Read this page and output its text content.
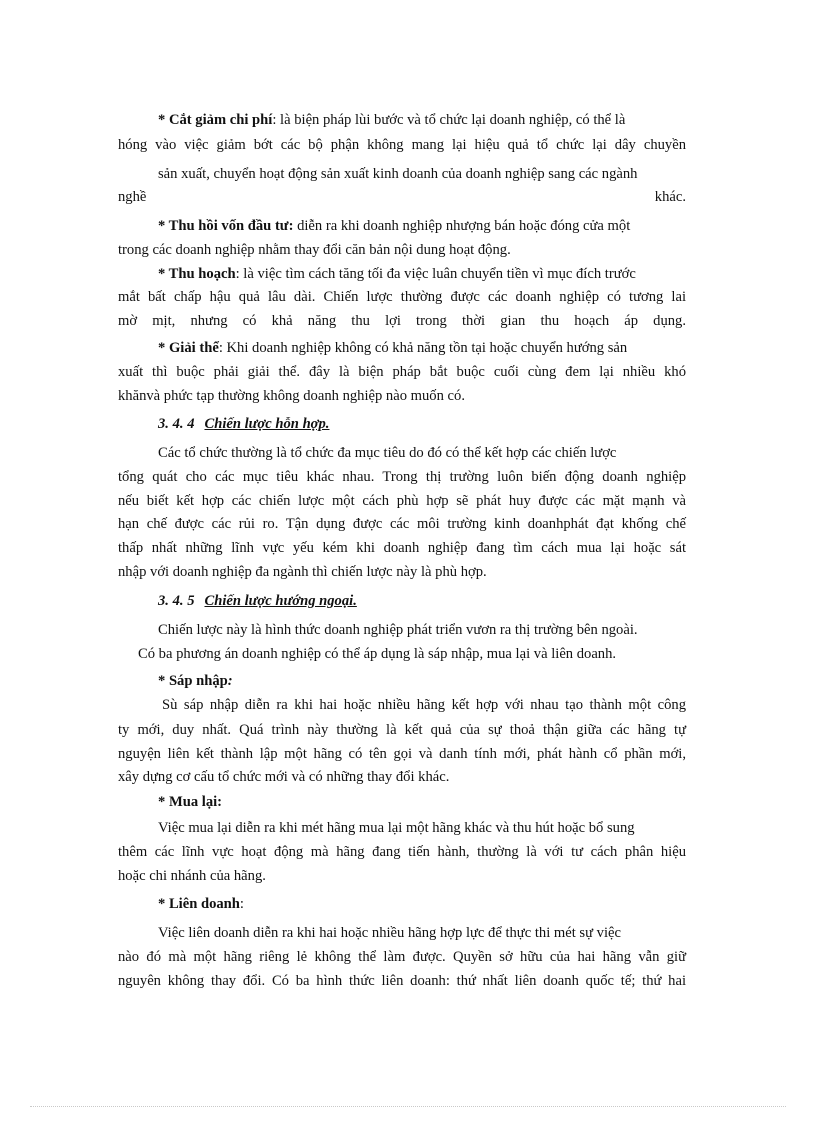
* Cắt giảm chi phí: là biện pháp lùi bước và tổ chức lại doanh nghiệp, có thể là
hóng vào việc giảm bớt các bộ phận không mang lại hiệu quả tổ chức lại dây chuyền
sản xuất, chuyển hoạt động sản xuất kinh doanh của doanh nghiệp sang các ngành
nghề	khác.
* Thu hồi vốn đầu tư: diễn ra khi doanh nghiệp nhượng bán hoặc đóng cửa một
trong các doanh nghiệp nhằm thay đổi căn bản nội dung hoạt động.
* Thu hoạch: là việc tìm cách tăng tối đa việc luân chuyển tiền vì mục đích trước
mắt bất chấp hậu quả lâu dài. Chiến lược thường được các doanh nghiệp có tương lai
mờ mịt, nhưng có khả năng thu lợi trong thời gian thu hoạch áp dụng.
* Giải thể: Khi doanh nghiệp không có khả năng tồn tại hoặc chuyển hướng sản
xuất thì buộc phải giải thể. đây là biện pháp bắt buộc cuối cùng đem lại nhiều khó
khănvà phức tạp thường không doanh nghiệp nào muốn có.
3. 4. 4 Chiến lược hỗn hợp.
Các tổ chức thường là tổ chức đa mục tiêu do đó có thể kết hợp các chiến lược
tổng quát cho các mục tiêu khác nhau. Trong thị trường luôn biến động doanh nghiệp
nếu biết kết hợp các chiến lược một cách phù hợp sẽ phát huy được các mặt mạnh và
hạn chế được các rủi ro. Tận dụng được các môi trường kinh doanhphát đạt khống chế
thấp nhất những lĩnh vực yếu kém khi doanh nghiệp đang tìm cách mua lại hoặc sát
nhập với doanh nghiệp đa ngành thì chiến lược này là phù hợp.
3. 4. 5 Chiến lược hướng ngoại.
Chiến lược này là hình thức doanh nghiệp phát triển vươn ra thị trường bên ngoài.
Có ba phương án doanh nghiệp có thể áp dụng là sáp nhập, mua lại và liên doanh.
* Sáp nhập:
Sù sáp nhập diễn ra khi hai hoặc nhiều hãng kết hợp với nhau tạo thành một công
ty mới, duy nhất. Quá trình này thường là kết quả của sự thoả thận giữa các hãng tự
nguyện liên kết thành lập một hãng có tên gọi và danh tính mới, phát hành cổ phần mới,
xây dựng cơ cấu tổ chức mới và có những thay đổi khác.
* Mua lại:
Việc mua lại diễn ra khi mét hãng mua lại một hãng khác và thu hút hoặc bổ sung
thêm các lĩnh vực hoạt động mà hãng đang tiến hành, thường là với tư cách phân hiệu
hoặc chi nhánh của hãng.
* Liên doanh:
Việc liên doanh diễn ra khi hai hoặc nhiều hãng hợp lực để thực thi mét sự việc
nào đó mà một hãng riêng lẻ không thể làm được. Quyền sở hữu của hai hãng vẫn giữ
nguyên không thay đổi. Có ba hình thức liên doanh: thứ nhất liên doanh quốc tế; thứ hai
